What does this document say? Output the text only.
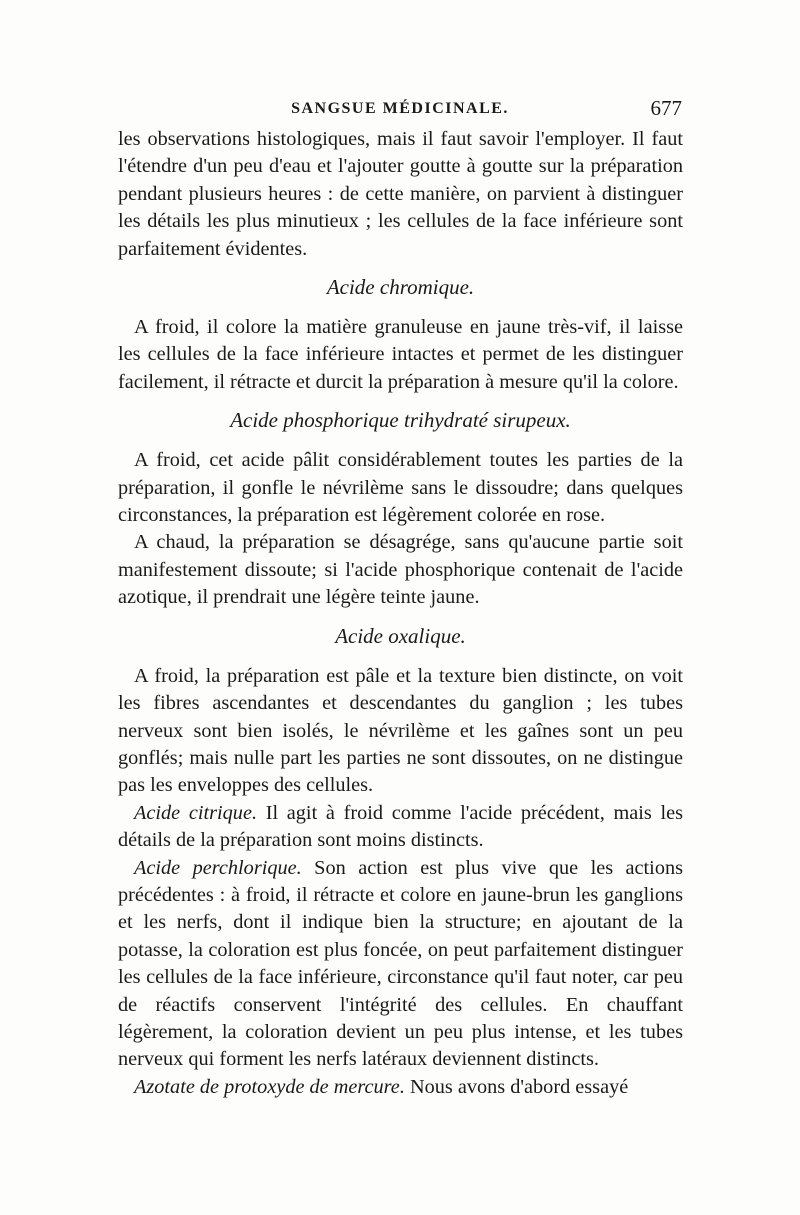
SANGSUE MÉDICINALE.	677

les observations histologiques, mais il faut savoir l'employer. Il faut l'étendre d'un peu d'eau et l'ajouter goutte à goutte sur la préparation pendant plusieurs heures : de cette manière, on parvient à distinguer les détails les plus minutieux ; les cellules de la face inférieure sont parfaitement évidentes.

Acide chromique.

A froid, il colore la matière granuleuse en jaune très-vif, il laisse les cellules de la face inférieure intactes et permet de les distinguer facilement, il rétracte et durcit la préparation à mesure qu'il la colore.

Acide phosphorique trihydraté sirupeux.

A froid, cet acide pâlit considérablement toutes les parties de la préparation, il gonfle le névrilème sans le dissoudre; dans quelques circonstances, la préparation est légèrement colorée en rose.

A chaud, la préparation se désagrége, sans qu'aucune partie soit manifestement dissoute; si l'acide phosphorique contenait de l'acide azotique, il prendrait une légère teinte jaune.

Acide oxalique.

A froid, la préparation est pâle et la texture bien distincte, on voit les fibres ascendantes et descendantes du ganglion ; les tubes nerveux sont bien isolés, le névrilème et les gaînes sont un peu gonflés; mais nulle part les parties ne sont dissoutes, on ne distingue pas les enveloppes des cellules.

Acide citrique. Il agit à froid comme l'acide précédent, mais les détails de la préparation sont moins distincts.

Acide perchlorique. Son action est plus vive que les actions précédentes : à froid, il rétracte et colore en jaune-brun les ganglions et les nerfs, dont il indique bien la structure; en ajoutant de la potasse, la coloration est plus foncée, on peut parfaitement distinguer les cellules de la face inférieure, circonstance qu'il faut noter, car peu de réactifs conservent l'intégrité des cellules. En chauffant légèrement, la coloration devient un peu plus intense, et les tubes nerveux qui forment les nerfs latéraux deviennent distincts.

Azotate de protoxyde de mercure. Nous avons d'abord essayé
